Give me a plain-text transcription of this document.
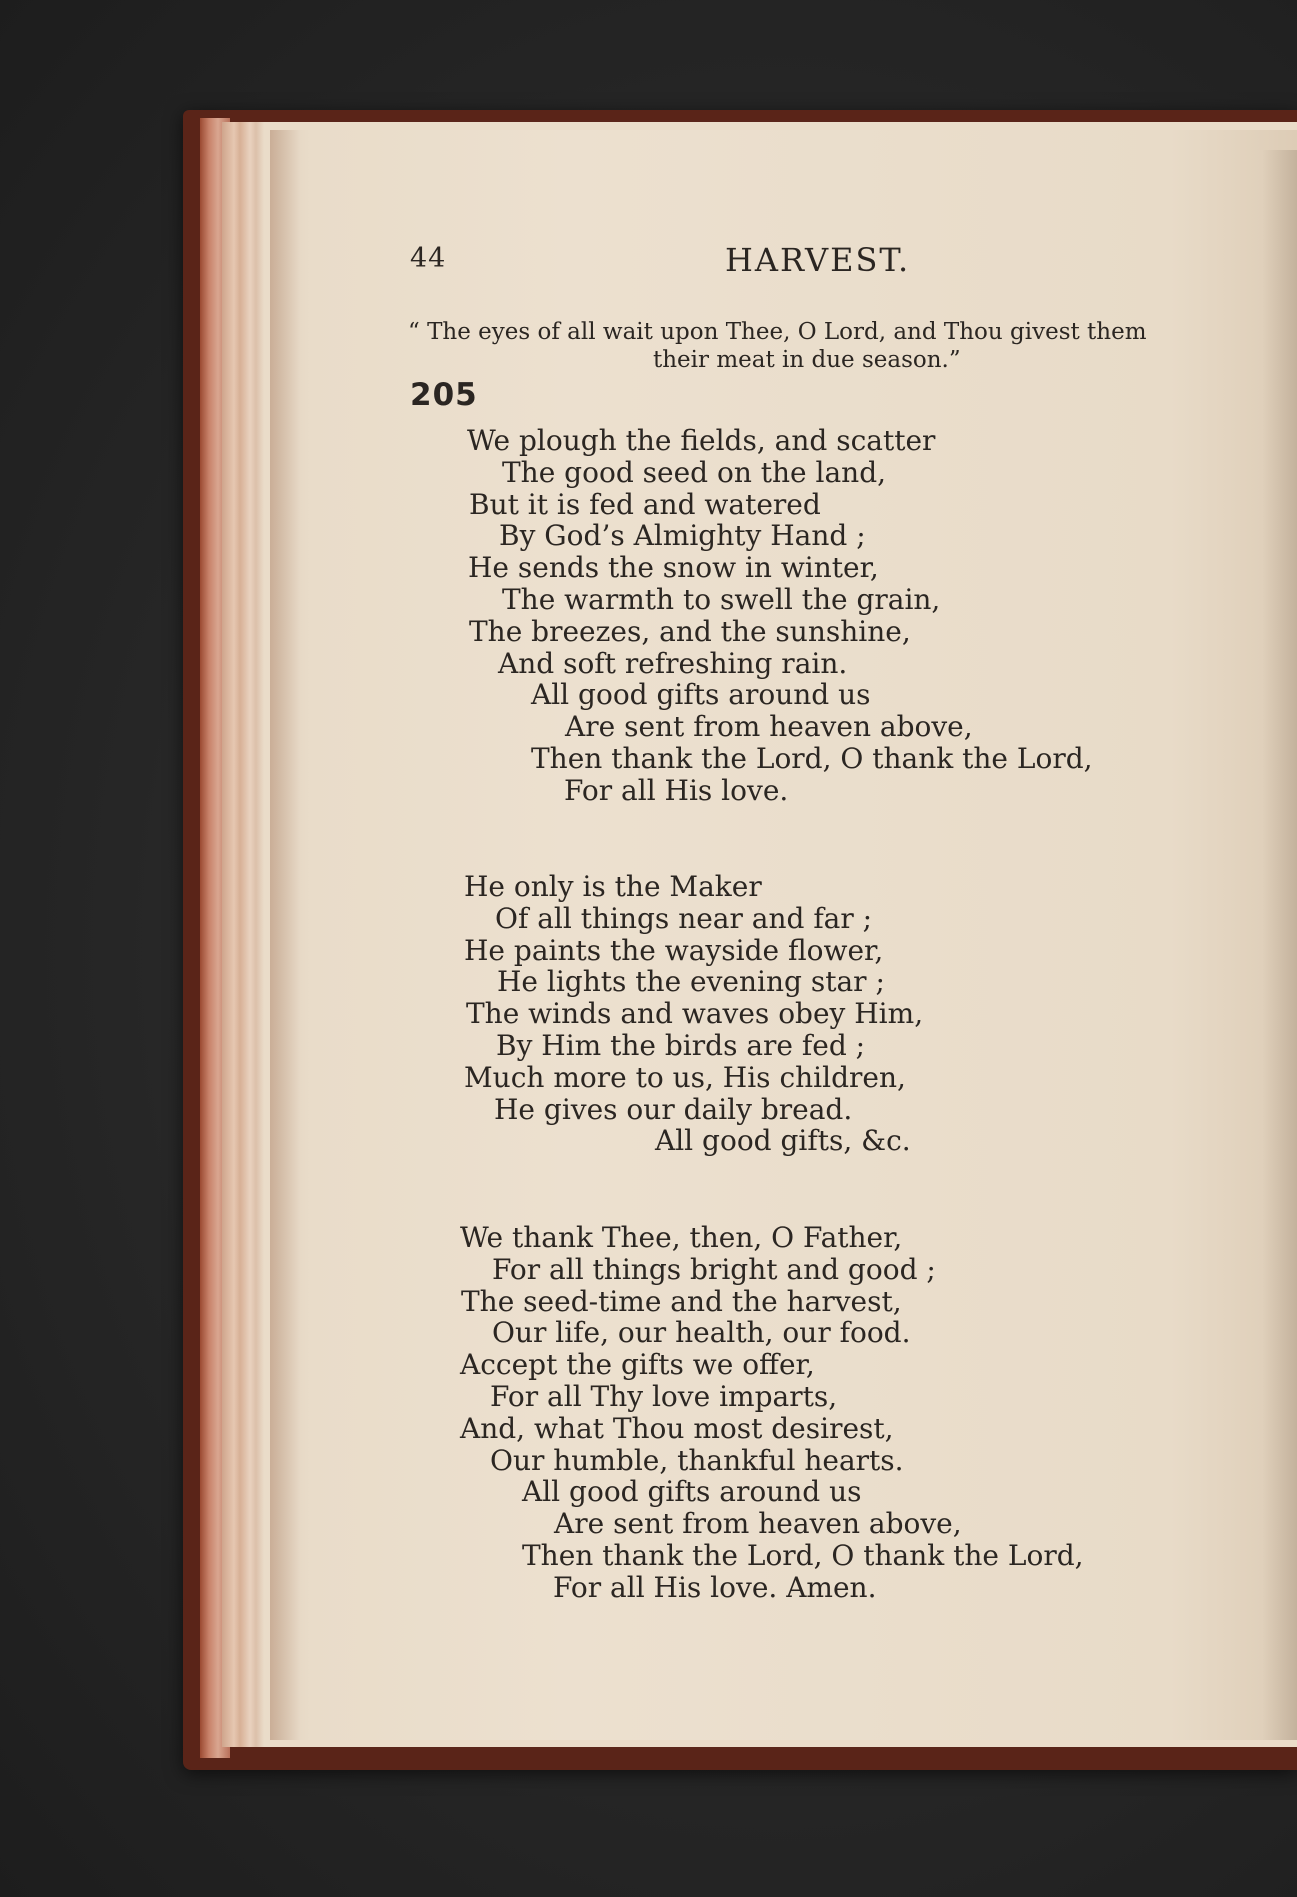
44	HARVEST.
“ The eyes of all wait upon Thee, O Lord, and Thou givest them
their meat in due season.”
205
We plough the fields, and scatter
The good seed on the land,
But it is fed and watered
By God’s Almighty Hand ;
He sends the snow in winter,
The warmth to swell the grain,
The breezes, and the sunshine,
And soft refreshing rain.
All good gifts around us
Are sent from heaven above,
Then thank the Lord, O thank the Lord,
For all His love.
He only is the Maker
Of all things near and far ;
He paints the wayside flower,
He lights the evening star ;
The winds and waves obey Him,
By Him the birds are fed ;
Much more to us, His children,
He gives our daily bread.
All good gifts, &c.
We thank Thee, then, O Father,
For all things bright and good ;
The seed-time and the harvest,
Our life, our health, our food.
Accept the gifts we offer,
For all Thy love imparts,
And, what Thou most desirest,
Our humble, thankful hearts.
All good gifts around us
Are sent from heaven above,
Then thank the Lord, O thank the Lord,
For all His love. Amen.
